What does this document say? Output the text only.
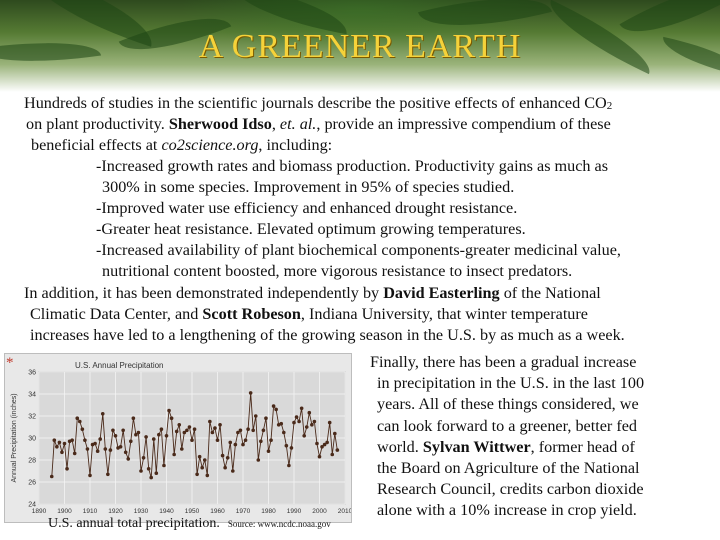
A GREENER EARTH
Hundreds of studies in the scientific journals describe the positive effects of enhanced CO2
on plant productivity. Sherwood Idso, et. al., provide an impressive compendium of these
beneficial effects at co2science.org, including:
-Increased growth rates and biomass production. Productivity gains as much as
300% in some species. Improvement in 95% of species studied.
-Improved water use efficiency and enhanced drought resistance.
-Greater heat resistance. Elevated optimum growing temperatures.
-Increased availability of plant biochemical components-greater medicinal value,
nutritional content boosted, more vigorous resistance to insect predators.
In addition, it has been demonstrated independently by David Easterling of the National
Climatic Data Center, and Scott Robeson, Indiana University, that winter temperature
increases have led to a lengthening of the growing season in the U.S. by as much as a week.
24
26
28
30
32
34
36
1890 1900 1910 1920 1930 1940 1950 1960 1970 1980 1990 2000 2010
U.S. Annual Precipitation
Annual Precipitation (inches)
*
U.S. annual total precipitation. Source: www.ncdc.noaa.gov
Finally, there has been a gradual increase
in precipitation in the U.S. in the last 100
years. All of these things considered, we
can look forward to a greener, better fed
world. Sylvan Wittwer, former head of
the Board on Agriculture of the National
Research Council, credits carbon dioxide
alone with a 10% increase in crop yield.
